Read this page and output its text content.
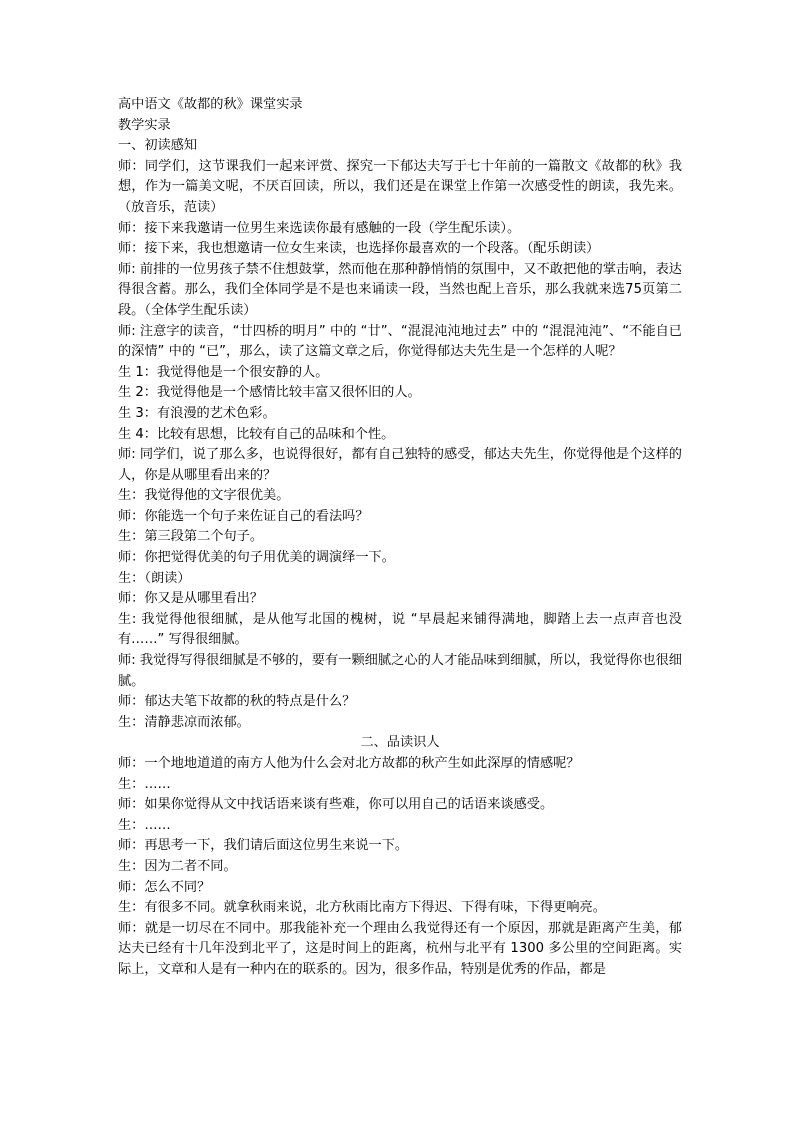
高中语文《故都的秋》课堂实录

教学实录

一、初读感知

师：同学们，这节课我们一起来评赏、探究一下郁达夫写于七十年前的一篇散文《故都的秋》我想，作为一篇美文呢，不厌百回读，所以，我们还是在课堂上作第一次感受性的朗读，我先来。（放音乐，范读）

师：接下来我邀请一位男生来选读你最有感触的一段（学生配乐读）。

师：接下来，我也想邀请一位女生来读，也选择你最喜欢的一个段落。（配乐朗读）

师: 前排的一位男孩子禁不住想鼓掌，然而他在那种静悄悄的氛围中，又不敢把他的掌击响，表达得很含蓄。那么，我们全体同学是不是也来诵读一段，当然也配上音乐，那么我就来选75页第二段。（全体学生配乐读）

师: 注意字的读音，“廿四桥的明月” 中的 “廿”、“混混沌沌地过去” 中的 “混混沌沌”、“不能自已的深情” 中的 “已”，那么，读了这篇文章之后，你觉得郁达夫先生是一个怎样的人呢？

生 1：我觉得他是一个很安静的人。

生 2：我觉得他是一个感情比较丰富又很怀旧的人。

生 3：有浪漫的艺术色彩。

生 4：比较有思想，比较有自己的品味和个性。

师: 同学们，说了那么多，也说得很好，都有自己独特的感受，郁达夫先生，你觉得他是个这样的人，你是从哪里看出来的？

生：我觉得他的文字很优美。

师：你能选一个句子来佐证自己的看法吗？

生：第三段第二个句子。

师：你把觉得优美的句子用优美的调演绎一下。

生：（朗读）

师：你又是从哪里看出？

生: 我觉得他很细腻，是从他写北国的槐树，说 “早晨起来铺得满地，脚踏上去一点声音也没有……” 写得很细腻。

师: 我觉得写得很细腻是不够的，要有一颗细腻之心的人才能品味到细腻，所以，我觉得你也很细腻。

师：郁达夫笔下故都的秋的特点是什么？

生：清静悲凉而浓郁。

二、品读识人

师：一个地地道道的南方人他为什么会对北方故都的秋产生如此深厚的情感呢？

生：……

师：如果你觉得从文中找话语来谈有些难，你可以用自己的话语来谈感受。

生：……

师：再思考一下，我们请后面这位男生来说一下。

生：因为二者不同。

师：怎么不同？

生：有很多不同。就拿秋雨来说，北方秋雨比南方下得迟、下得有味，下得更响亮。

师：就是一切尽在不同中。那我能补充一个理由么我觉得还有一个原因，那就是距离产生美，郁达夫已经有十几年没到北平了，这是时间上的距离，杭州与北平有 1300 多公里的空间距离。实际上，文章和人是有一种内在的联系的。因为，很多作品，特别是优秀的作品，都是
